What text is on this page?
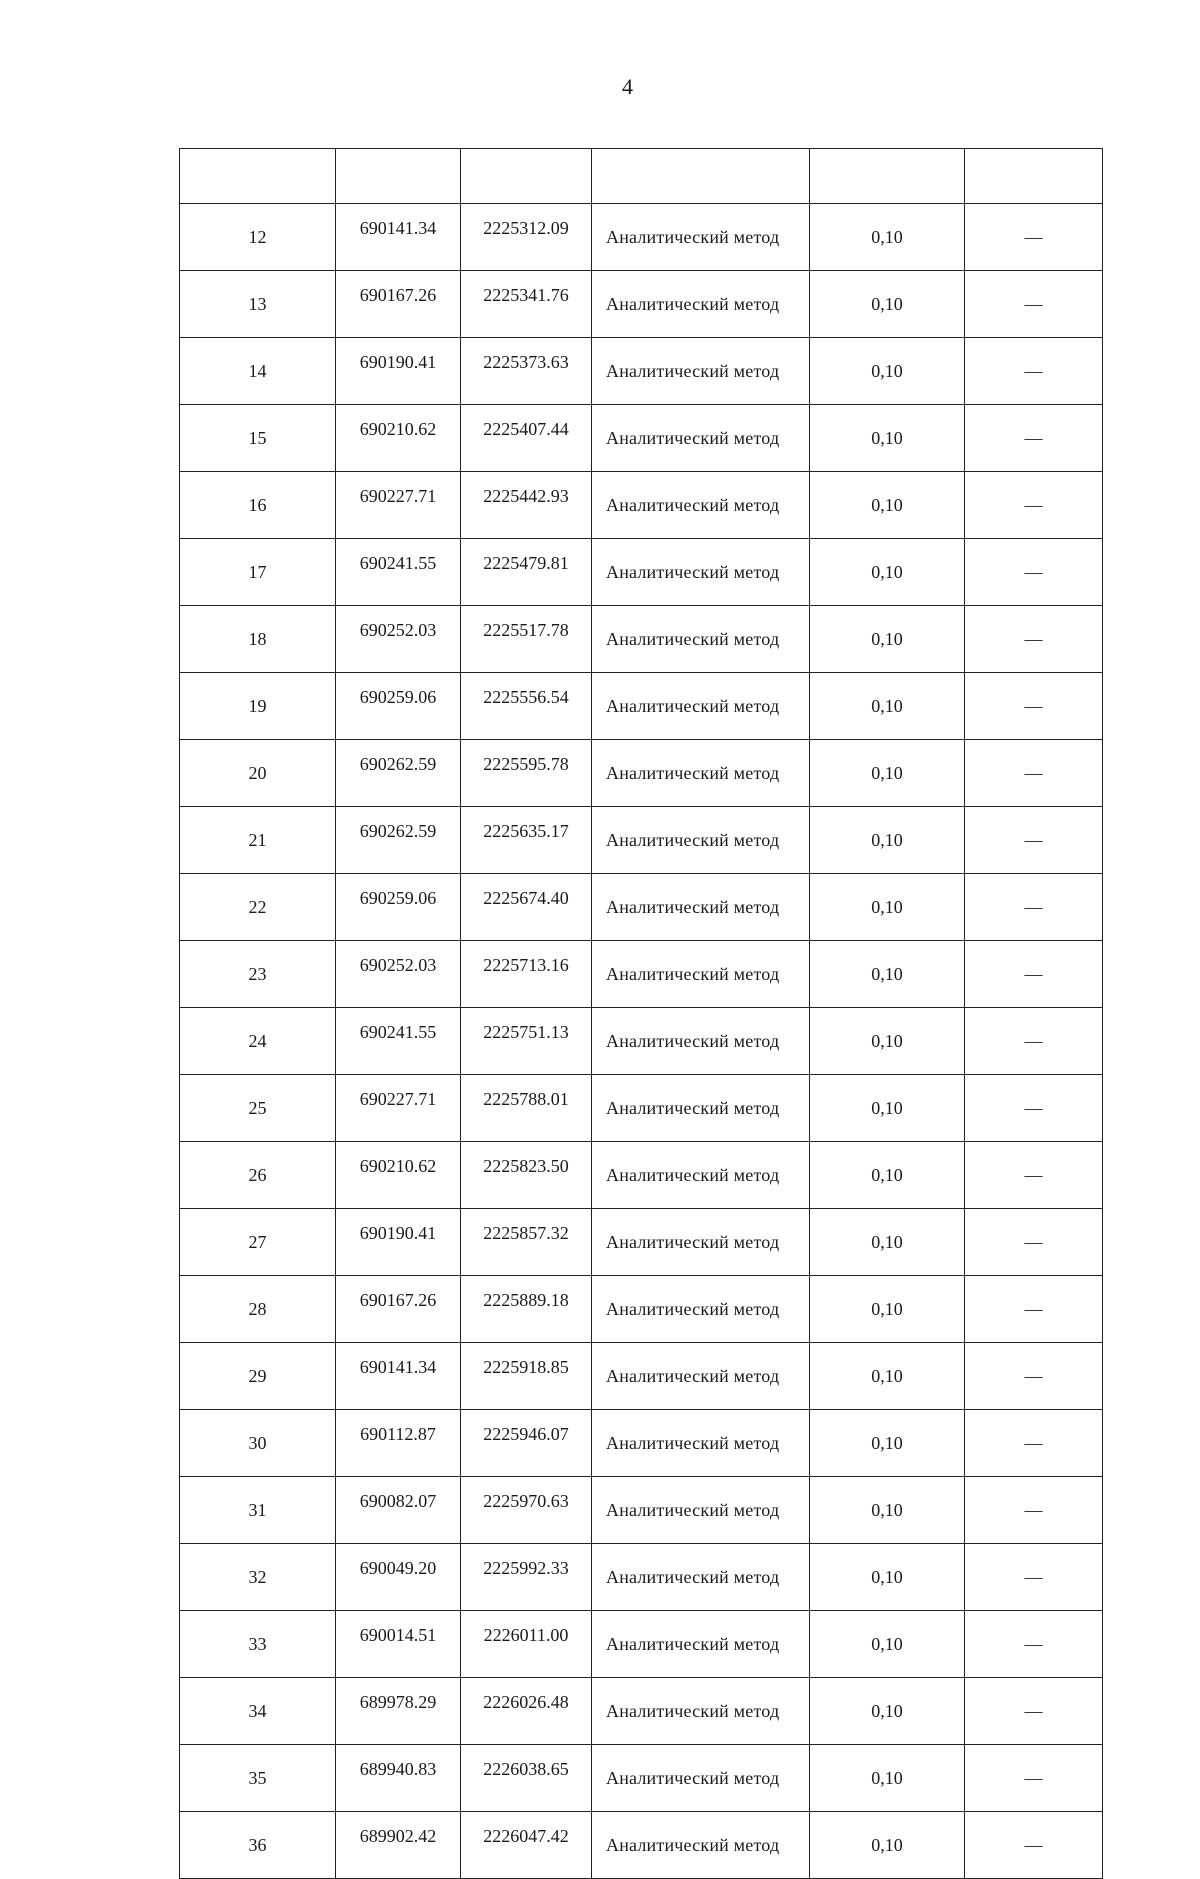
4

12	690141.34	2225312.09	Аналитический метод	0,10	—
13	690167.26	2225341.76	Аналитический метод	0,10	—
14	690190.41	2225373.63	Аналитический метод	0,10	—
15	690210.62	2225407.44	Аналитический метод	0,10	—
16	690227.71	2225442.93	Аналитический метод	0,10	—
17	690241.55	2225479.81	Аналитический метод	0,10	—
18	690252.03	2225517.78	Аналитический метод	0,10	—
19	690259.06	2225556.54	Аналитический метод	0,10	—
20	690262.59	2225595.78	Аналитический метод	0,10	—
21	690262.59	2225635.17	Аналитический метод	0,10	—
22	690259.06	2225674.40	Аналитический метод	0,10	—
23	690252.03	2225713.16	Аналитический метод	0,10	—
24	690241.55	2225751.13	Аналитический метод	0,10	—
25	690227.71	2225788.01	Аналитический метод	0,10	—
26	690210.62	2225823.50	Аналитический метод	0,10	—
27	690190.41	2225857.32	Аналитический метод	0,10	—
28	690167.26	2225889.18	Аналитический метод	0,10	—
29	690141.34	2225918.85	Аналитический метод	0,10	—
30	690112.87	2225946.07	Аналитический метод	0,10	—
31	690082.07	2225970.63	Аналитический метод	0,10	—
32	690049.20	2225992.33	Аналитический метод	0,10	—
33	690014.51	2226011.00	Аналитический метод	0,10	—
34	689978.29	2226026.48	Аналитический метод	0,10	—
35	689940.83	2226038.65	Аналитический метод	0,10	—
36	689902.42	2226047.42	Аналитический метод	0,10	—
